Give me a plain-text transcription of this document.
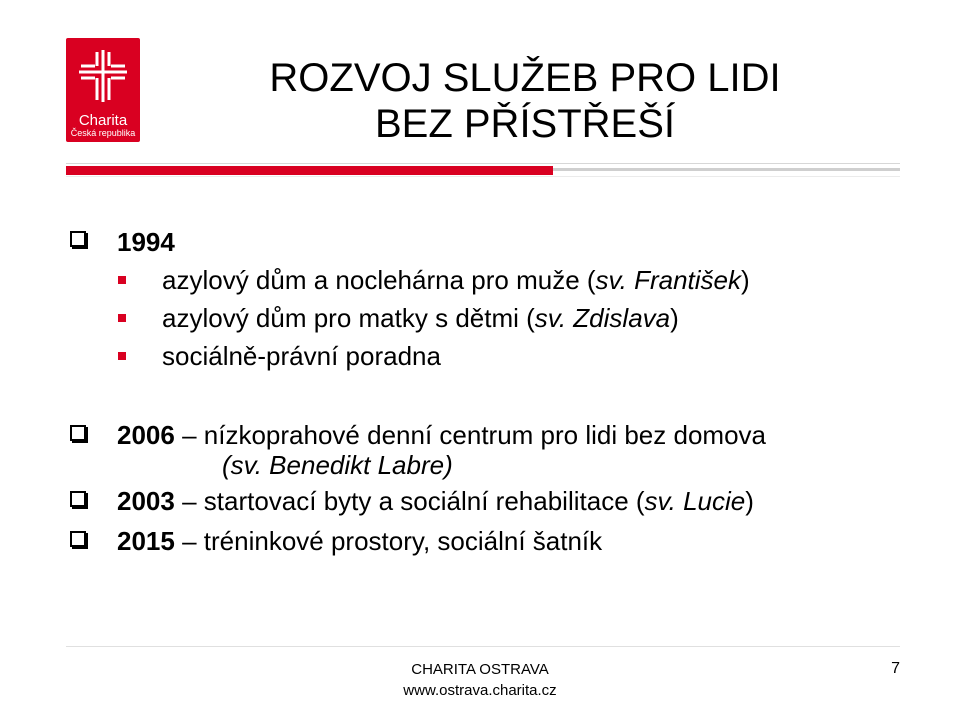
Charita
Česká republika
ROZVOJ SLUŽEB PRO LIDI
BEZ PŘÍSTŘEŠÍ
1994
azylový dům a noclehárna pro muže (sv. František)
azylový dům pro matky s dětmi (sv. Zdislava)
sociálně-právní poradna
2006 – nízkoprahové denní centrum pro lidi bez domova
(sv. Benedikt Labre)
2003 – startovací byty a sociální rehabilitace (sv. Lucie)
2015 – tréninkové prostory, sociální šatník
CHARITA OSTRAVA
www.ostrava.charita.cz
7
